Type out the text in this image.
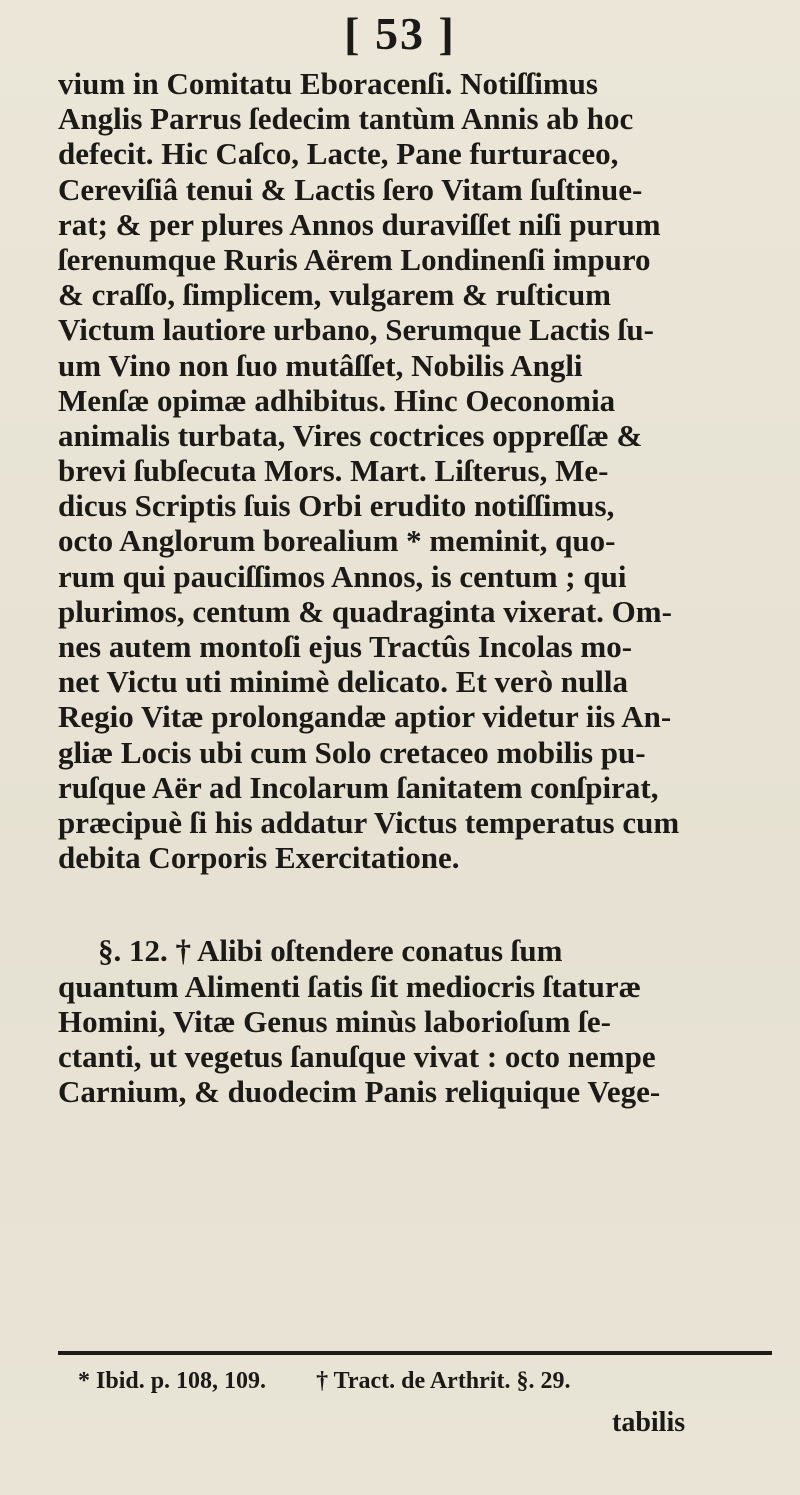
[ 53 ]
vium in Comitatu Eboracenſi. Notiſſimus
Anglis Parrus ſedecim tantùm Annis ab hoc
defecit. Hic Caſco, Lacte, Pane furturaceo,
Cereviſiâ tenui & Lactis ſero Vitam ſuſtinue-
rat; & per plures Annos duraviſſet niſi purum
ſerenumque Ruris Aërem Londinenſi impuro
& craſſo, ſimplicem, vulgarem & ruſticum
Victum lautiore urbano, Serumque Lactis ſu-
um Vino non ſuo mutâſſet, Nobilis Angli
Menſæ opimæ adhibitus. Hinc Oeconomia
animalis turbata, Vires coctrices oppreſſæ &
brevi ſubſecuta Mors. Mart. Liſterus, Me-
dicus Scriptis ſuis Orbi erudito notiſſimus,
octo Anglorum borealium * meminit, quo-
rum qui pauciſſimos Annos, is centum ; qui
plurimos, centum & quadraginta vixerat. Om-
nes autem montoſi ejus Tractûs Incolas mo-
net Victu uti minimè delicato. Et verò nulla
Regio Vitæ prolongandæ aptior videtur iis An-
gliæ Locis ubi cum Solo cretaceo mobilis pu-
ruſque Aër ad Incolarum ſanitatem conſpirat,
præcipuè ſi his addatur Victus temperatus cum
debita Corporis Exercitatione.
§. 12. † Alibi oſtendere conatus ſum
quantum Alimenti ſatis ſit mediocris ſtaturæ
Homini, Vitæ Genus minùs laborioſum ſe-
ctanti, ut vegetus ſanuſque vivat : octo nempe
Carnium, & duodecim Panis reliquique Vege-
* Ibid. p. 108, 109. † Tract. de Arthrit. §. 29.
tabilis
